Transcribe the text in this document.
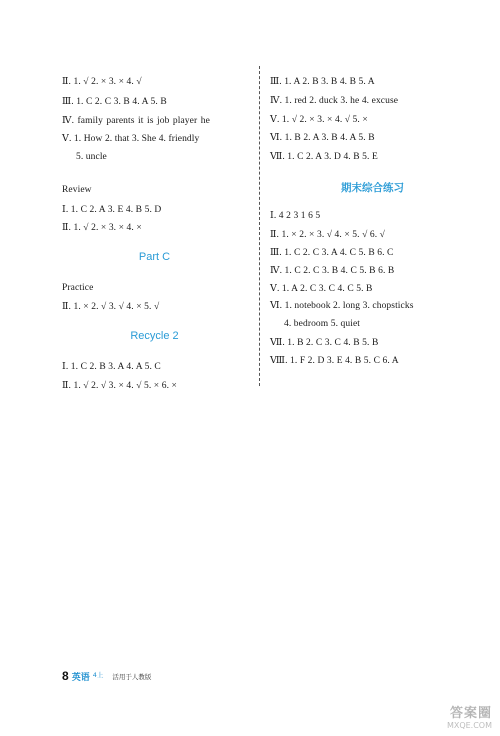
Ⅱ. 1. √ 2. × 3. × 4. √
Ⅲ. 1. C 2. C 3. B 4. A 5. B
Ⅳ. family parents it is job player he
Ⅴ. 1. How 2. that 3. She 4. friendly
5. uncle
Review
Ⅰ. 1. C 2. A 3. E 4. B 5. D
Ⅱ. 1. √ 2. × 3. × 4. ×
Part C
Practice
Ⅱ. 1. × 2. √ 3. √ 4. × 5. √
Recycle 2
Ⅰ. 1. C 2. B 3. A 4. A 5. C
Ⅱ. 1. √ 2. √ 3. × 4. √ 5. × 6. ×
Ⅲ. 1. A 2. B 3. B 4. B 5. A
Ⅳ. 1. red 2. duck 3. he 4. excuse
Ⅴ. 1. √ 2. × 3. × 4. √ 5. ×
Ⅵ. 1. B 2. A 3. B 4. A 5. B
Ⅶ. 1. C 2. A 3. D 4. B 5. E
期末综合练习
Ⅰ. 4 2 3 1 6 5
Ⅱ. 1. × 2. × 3. √ 4. × 5. √ 6. √
Ⅲ. 1. C 2. C 3. A 4. C 5. B 6. C
Ⅳ. 1. C 2. C 3. B 4. C 5. B 6. B
Ⅴ. 1. A 2. C 3. C 4. C 5. B
Ⅵ. 1. notebook 2. long 3. chopsticks
4. bedroom 5. quiet
Ⅶ. 1. B 2. C 3. C 4. B 5. B
Ⅷ. 1. F 2. D 3. E 4. B 5. C 6. A
8 英语 4上 活用于人教版
答案圈
MXQE.COM
